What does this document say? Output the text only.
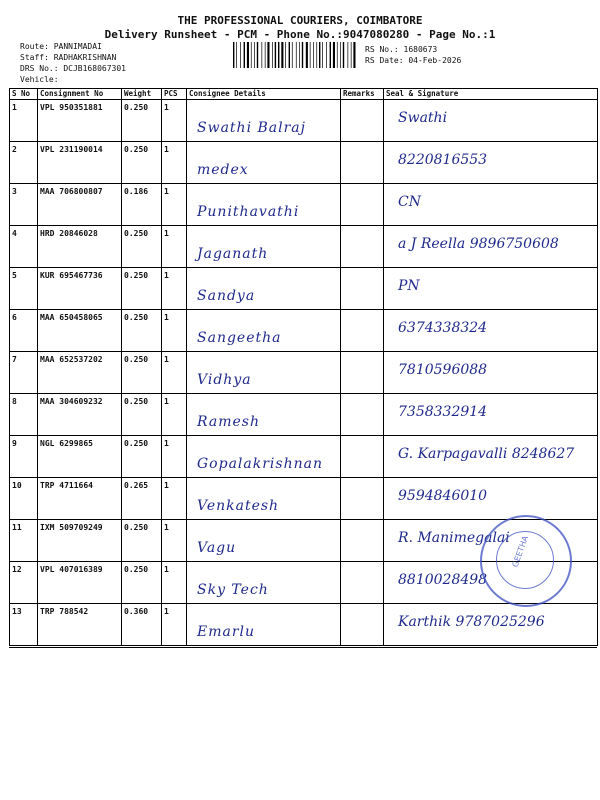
THE PROFESSIONAL COURIERS, COIMBATORE
Delivery Runsheet - PCM - Phone No.:9047080280 - Page No.:1
Route: PANNIMADAI
Staff: RADHAKRISHNAN
DRS No.: DCJB168067301
Vehicle:
RS No.: 1680673
RS Date: 04-Feb-2026
S No	Consignment No	Weight	PCS	Consignee Details	Remarks	Seal & Signature

1	VPL 950351881	0.250	1	Swathi Balraj		Swathi

2	VPL 231190014	0.250	1	medex		8220816553

3	MAA 706800807	0.186	1	Punithavathi		CN

4	HRD 20846028	0.250	1	Jaganath		a J Reella 9896750608

5	KUR 695467736	0.250	1	Sandya		PN

6	MAA 650458065	0.250	1	Sangeetha		6374338324

7	MAA 652537202	0.250	1	Vidhya		7810596088

8	MAA 304609232	0.250	1	Ramesh		7358332914

9	NGL 6299865	0.250	1	Gopalakrishnan		G. Karpagavalli 8248627

10	TRP 4711664	0.265	1	Venkatesh		9594846010

11	IXM 509709249	0.250	1	Vagu		R. Manimegalai

12	VPL 407016389	0.250	1	Sky Tech		8810028498

13	TRP 788542	0.360	1	Emarlu		Karthik 9787025296
GEETHA
